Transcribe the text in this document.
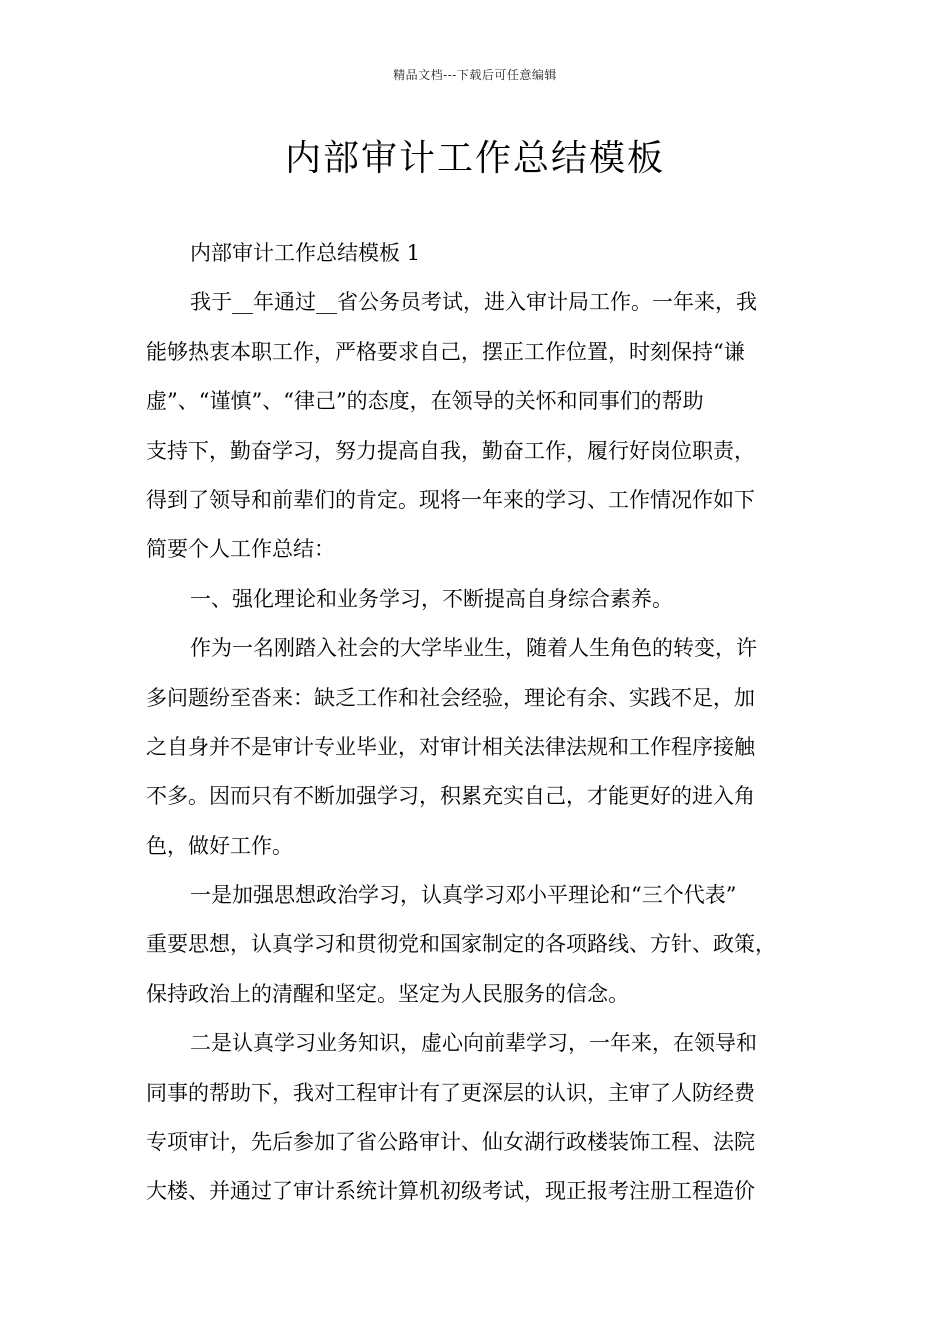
精品文档---下载后可任意编辑
内部审计工作总结模板
内部审计工作总结模板 1
我于__年通过__省公务员考试，进入审计局工作。一年来，我
能够热衷本职工作，严格要求自己，摆正工作位置，时刻保持“谦
虚”、“谨慎”、“律己”的态度，在领导的关怀和同事们的帮助
支持下，勤奋学习，努力提高自我，勤奋工作，履行好岗位职责，
得到了领导和前辈们的肯定。现将一年来的学习、工作情况作如下
简要个人工作总结：
一、强化理论和业务学习，不断提高自身综合素养。
作为一名刚踏入社会的大学毕业生，随着人生角色的转变，许
多问题纷至沓来：缺乏工作和社会经验，理论有余、实践不足，加
之自身并不是审计专业毕业，对审计相关法律法规和工作程序接触
不多。因而只有不断加强学习，积累充实自己，才能更好的进入角
色，做好工作。
一是加强思想政治学习，认真学习邓小平理论和“三个代表”
重要思想，认真学习和贯彻党和国家制定的各项路线、方针、政策，
保持政治上的清醒和坚定。坚定为人民服务的信念。
二是认真学习业务知识，虚心向前辈学习，一年来，在领导和
同事的帮助下，我对工程审计有了更深层的认识，主审了人防经费
专项审计，先后参加了省公路审计、仙女湖行政楼装饰工程、法院
大楼、并通过了审计系统计算机初级考试，现正报考注册工程造价
